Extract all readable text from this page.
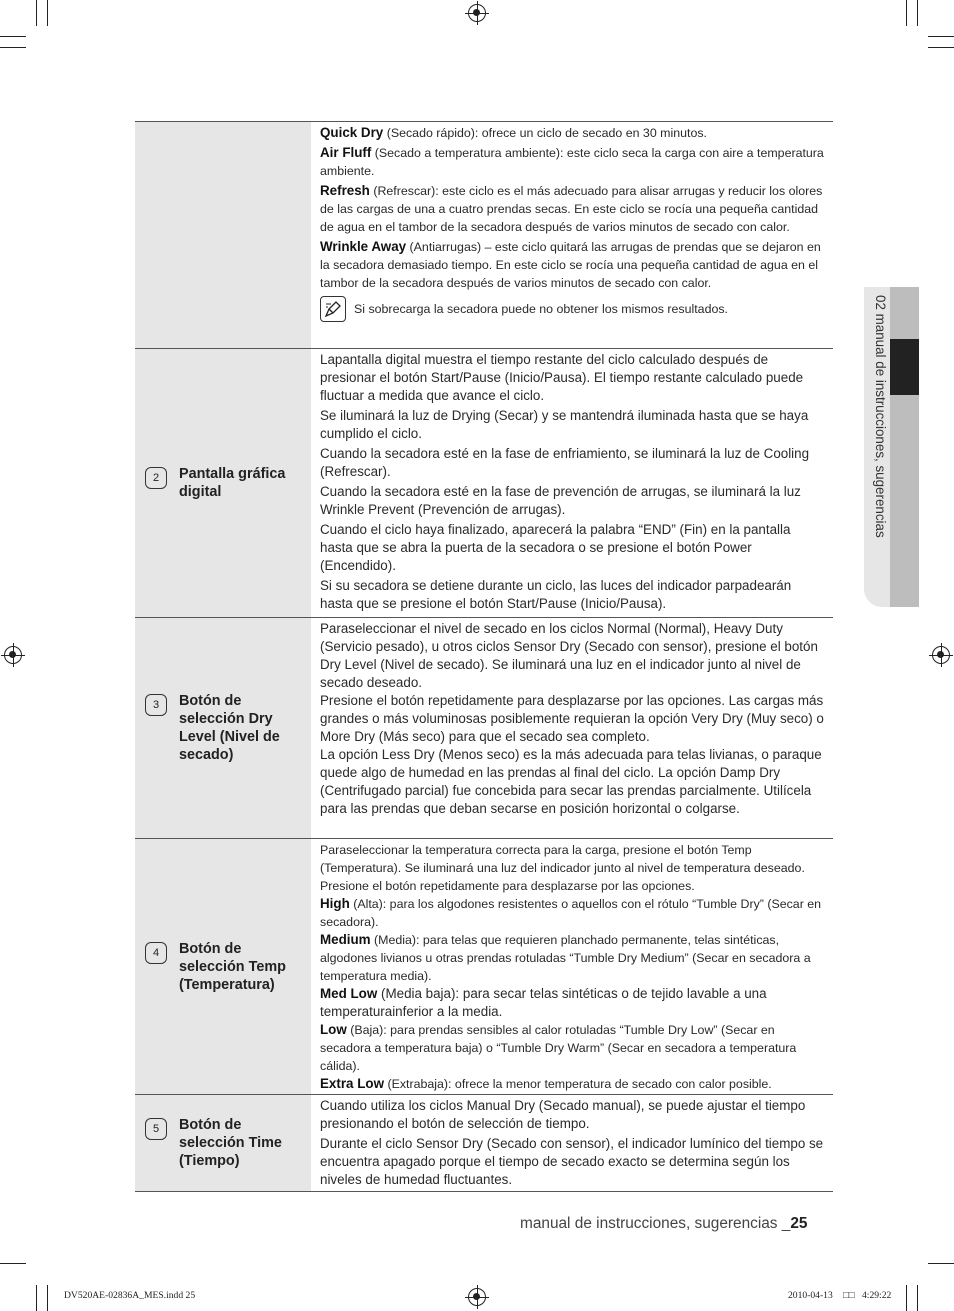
02 manual de instrucciones, sugerencias

Quick Dry (Secado rápido): ofrece un ciclo de secado en 30 minutos.

Air Fluff (Secado a temperatura ambiente): este ciclo seca la carga con aire a temperatura ambiente.

Refresh (Refrescar): este ciclo es el más adecuado para alisar arrugas y reducir los olores de las cargas de una a cuatro prendas secas. En este ciclo se rocía una pequeña cantidad de agua en el tambor de la secadora después de varios minutos de secado con calor.

Wrinkle Away (Antiarrugas) – este ciclo quitará las arrugas de prendas que se dejaron en la secadora demasiado tiempo. En este ciclo se rocía una pequeña cantidad de agua en el tambor de la secadora después de varios minutos de secado con calor.

Si sobrecarga la secadora puede no obtener los mismos resultados.
2	Pantalla gráfica digital

Lapantalla digital muestra el tiempo restante del ciclo calculado después de presionar el botón Start/Pause (Inicio/Pausa). El tiempo restante calculado puede fluctuar a medida que avance el ciclo.

Se iluminará la luz de Drying (Secar) y se mantendrá iluminada hasta que se haya cumplido el ciclo.

Cuando la secadora esté en la fase de enfriamiento, se iluminará la luz de Cooling (Refrescar).

Cuando la secadora esté en la fase de prevención de arrugas, se iluminará la luz Wrinkle Prevent (Prevención de arrugas).

Cuando el ciclo haya finalizado, aparecerá la palabra “END” (Fin) en la pantalla hasta que se abra la puerta de la secadora o se presione el botón Power (Encendido).

Si su secadora se detiene durante un ciclo, las luces del indicador parpadearán hasta que se presione el botón Start/Pause (Inicio/Pausa).

3	Botón de selección Dry Level (Nivel de secado)

Paraseleccionar el nivel de secado en los ciclos Normal (Normal), Heavy Duty (Servicio pesado), u otros ciclos Sensor Dry (Secado con sensor), presione el botón Dry Level (Nivel de secado). Se iluminará una luz en el indicador junto al nivel de secado deseado.

Presione el botón repetidamente para desplazarse por las opciones. Las cargas más grandes o más voluminosas posiblemente requieran la opción Very Dry (Muy seco) o More Dry (Más seco) para que el secado sea completo.

La opción Less Dry (Menos seco) es la más adecuada para telas livianas, o paraque quede algo de humedad en las prendas al final del ciclo. La opción Damp Dry (Centrifugado parcial) fue concebida para secar las prendas parcialmente. Utilícela para las prendas que deban secarse en posición horizontal o colgarse.

4	Botón de selección Temp (Temperatura)

Paraseleccionar la temperatura correcta para la carga, presione el botón Temp (Temperatura). Se iluminará una luz del indicador junto al nivel de temperatura deseado. Presione el botón repetidamente para desplazarse por las opciones.

High (Alta): para los algodones resistentes o aquellos con el rótulo “Tumble Dry” (Secar en secadora).

Medium (Media): para telas que requieren planchado permanente, telas sintéticas, algodones livianos u otras prendas rotuladas “Tumble Dry Medium” (Secar en secadora a temperatura media).

Med Low (Media baja): para secar telas sintéticas o de tejido lavable a una temperaturainferior a la media.

Low (Baja): para prendas sensibles al calor rotuladas “Tumble Dry Low” (Secar en secadora a temperatura baja) o “Tumble Dry Warm” (Secar en secadora a temperatura cálida).

Extra Low (Extrabaja): ofrece la menor temperatura de secado con calor posible.

5	Botón de selección Time (Tiempo)

Cuando utiliza los ciclos Manual Dry (Secado manual), se puede ajustar el tiempo presionando el botón de selección de tiempo.

Durante el ciclo Sensor Dry (Secado con sensor), el indicador lumínico del tiempo se encuentra apagado porque el tiempo de secado exacto se determina según los niveles de humedad fluctuantes.

manual de instrucciones, sugerencias _25
DV520AE-02836A_MES.indd 25	2010-04-13 □□ 4:29:22
